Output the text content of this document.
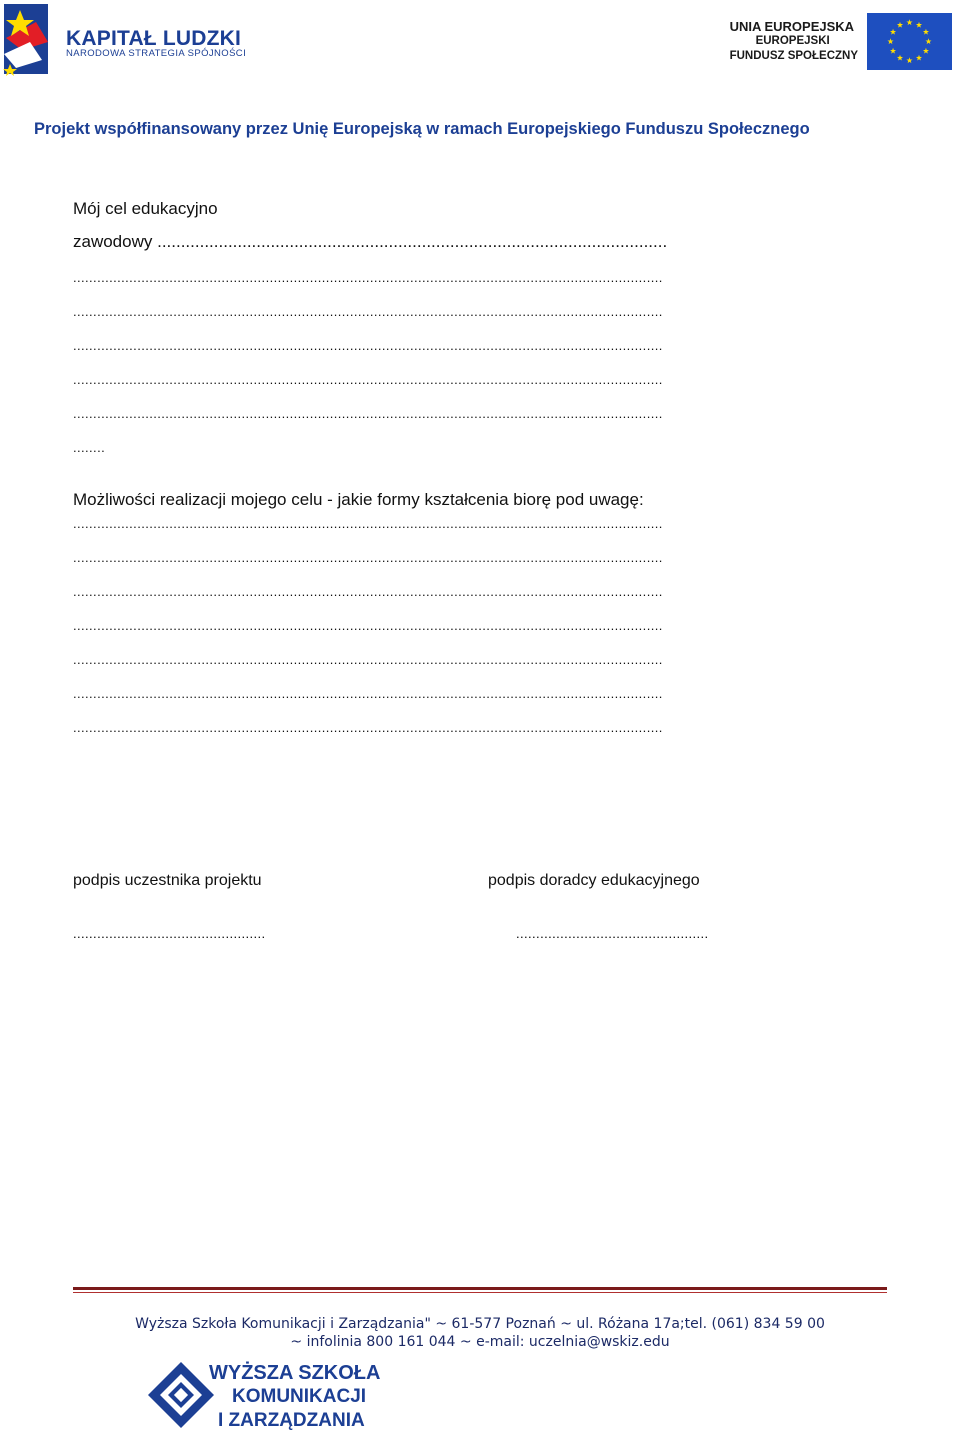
KAPITAŁ LUDZKI
NARODOWA STRATEGIA SPÓJNOŚCI
UNIA EUROPEJSKA
EUROPEJSKI
FUNDUSZ SPOŁECZNY
Projekt współfinansowany przez Unię Europejską w ramach Europejskiego Funduszu Społecznego
Mój cel edukacyjno
zawodowy ............................................................................................................
...................................................................................................................................................
...................................................................................................................................................
...................................................................................................................................................
...................................................................................................................................................
...................................................................................................................................................
........
Możliwości realizacji mojego celu - jakie formy kształcenia biorę pod uwagę:
...................................................................................................................................................
...................................................................................................................................................
...................................................................................................................................................
...................................................................................................................................................
...................................................................................................................................................
...................................................................................................................................................
...................................................................................................................................................
podpis uczestnika projektu	podpis doradcy edukacyjnego
................................................	................................................
Wyższa Szkoła Komunikacji i Zarządzania" ~ 61-577 Poznań ~ ul. Różana 17a;tel. (061) 834 59 00
~ infolinia 800 161 044 ~ e-mail: uczelnia@wskiz.edu
WYŻSZA SZKOŁA
KOMUNIKACJI
I ZARZĄDZANIA
